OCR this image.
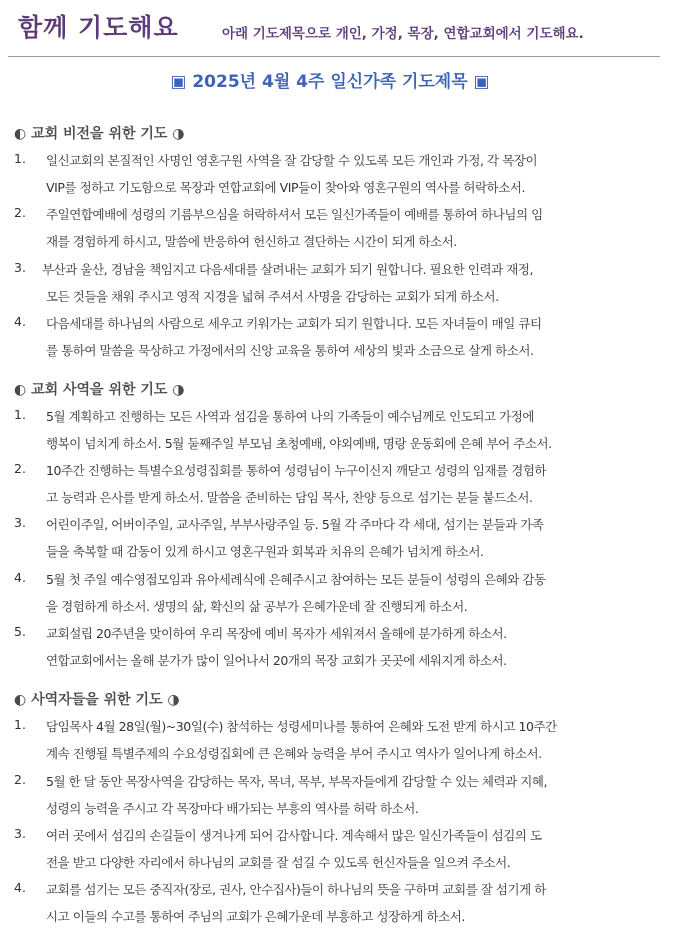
함께 기도해요	아래 기도제목으로 개인, 가정, 목장, 연합교회에서 기도해요.
▣ 2025년 4월 4주 일신가족 기도제목 ▣
◐ 교회 비전을 위한 기도 ◑
1. 일신교회의 본질적인 사명인 영혼구원 사역을 잘 감당할 수 있도록 모든 개인과 가정, 각 목장이
VIP를 정하고 기도함으로 목장과 연합교회에 VIP들이 찾아와 영혼구원의 역사를 허락하소서.
2. 주일연합예배에 성령의 기름부으심을 허락하셔서 모든 일신가족들이 예배를 통하여 하나님의 임
재를 경험하게 하시고, 말씀에 반응하여 헌신하고 결단하는 시간이 되게 하소서.
3. 부산과 울산, 경남을 책임지고 다음세대를 살려내는 교회가 되기 원합니다. 필요한 인력과 재정,
모든 것들을 채워 주시고 영적 지경을 넓혀 주셔서 사명을 감당하는 교회가 되게 하소서.
4. 다음세대를 하나님의 사람으로 세우고 키워가는 교회가 되기 원합니다. 모든 자녀들이 매일 큐티
를 통하여 말씀을 묵상하고 가정에서의 신앙 교육을 통하여 세상의 빛과 소금으로 살게 하소서.
◐ 교회 사역을 위한 기도 ◑
1. 5월 계획하고 진행하는 모든 사역과 섬김을 통하여 나의 가족들이 예수님께로 인도되고 가정에
행복이 넘치게 하소서. 5월 둘째주일 부모님 초청예배, 야외예배, 명랑 운동회에 은혜 부어 주소서.
2. 10주간 진행하는 특별수요성령집회를 통하여 성령님이 누구이신지 깨닫고 성령의 임재를 경험하
고 능력과 은사를 받게 하소서. 말씀을 준비하는 담임 목사, 찬양 등으로 섬기는 분들 붙드소서.
3. 어린이주일, 어버이주일, 교사주일, 부부사랑주일 등. 5월 각 주마다 각 세대, 섬기는 분들과 가족
들을 축복할 때 감동이 있게 하시고 영혼구원과 회복과 치유의 은혜가 넘치게 하소서.
4. 5월 첫 주일 예수영접모임과 유아세례식에 은혜주시고 참여하는 모든 분들이 성령의 은혜와 감동
을 경험하게 하소서. 생명의 삶, 확신의 삶 공부가 은혜가운데 잘 진행되게 하소서.
5. 교회설립 20주년을 맞이하여 우리 목장에 예비 목자가 세워져서 올해에 분가하게 하소서.
연합교회에서는 올해 분가가 많이 일어나서 20개의 목장 교회가 곳곳에 세워지게 하소서.
◐ 사역자들을 위한 기도 ◑
1. 담임목사 4월 28일(월)~30일(수) 참석하는 성령세미나를 통하여 은혜와 도전 받게 하시고 10주간
계속 진행될 특별주제의 수요성령집회에 큰 은혜와 능력을 부어 주시고 역사가 일어나게 하소서.
2. 5월 한 달 동안 목장사역을 감당하는 목자, 목녀, 목부, 부목자들에게 감당할 수 있는 체력과 지혜,
성령의 능력을 주시고 각 목장마다 배가되는 부흥의 역사를 허락 하소서.
3. 여러 곳에서 섬김의 손길들이 생겨나게 되어 감사합니다. 계속해서 많은 일신가족들이 섬김의 도
전을 받고 다양한 자리에서 하나님의 교회를 잘 섬길 수 있도록 헌신자들을 일으켜 주소서.
4. 교회를 섬기는 모든 중직자(장로, 권사, 안수집사)들이 하나님의 뜻을 구하며 교회를 잘 섬기게 하
시고 이들의 수고를 통하여 주님의 교회가 은혜가운데 부흥하고 성장하게 하소서.
